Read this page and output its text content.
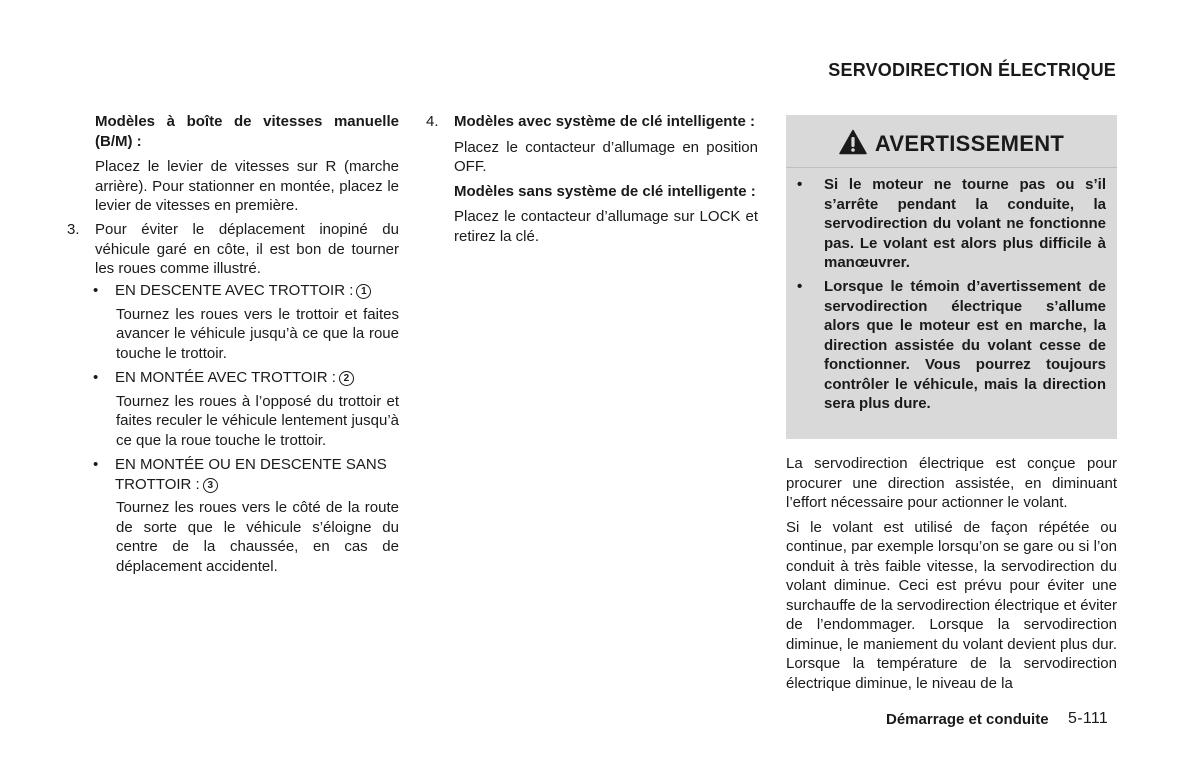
SERVODIRECTION ÉLECTRIQUE

Modèles à boîte de vitesses manuelle (B/M) :

Placez le levier de vitesses sur R (marche arrière). Pour stationner en montée, placez le levier de vitesses en première.

3. Pour éviter le déplacement inopiné du véhicule garé en côte, il est bon de tourner les roues comme illustré.

• EN DESCENTE AVEC TROTTOIR : 1

Tournez les roues vers le trottoir et faites avancer le véhicule jusqu’à ce que la roue touche le trottoir.

• EN MONTÉE AVEC TROTTOIR : 2

Tournez les roues à l’opposé du trottoir et faites reculer le véhicule lentement jusqu’à ce que la roue touche le trottoir.

• EN MONTÉE OU EN DESCENTE SANS
TROTTOIR : 3

Tournez les roues vers le côté de la route de sorte que le véhicule s’éloigne du centre de la chaussée, en cas de déplacement accidentel.

4. Modèles avec système de clé intelligente :

Placez le contacteur d’allumage en position OFF.

Modèles sans système de clé intelligente :

Placez le contacteur d’allumage sur LOCK et retirez la clé.

AVERTISSEMENT
• Si le moteur ne tourne pas ou s’il s’arrête pendant la conduite, la servodirection du volant ne fonctionne pas. Le volant est alors plus difficile à manœuvrer.
• Lorsque le témoin d’avertissement de servodirection électrique s’allume alors que le moteur est en marche, la direction assistée du volant cesse de fonctionner. Vous pourrez toujours contrôler le véhicule, mais la direction sera plus dure.

La servodirection électrique est conçue pour procurer une direction assistée, en diminuant l’effort nécessaire pour actionner le volant.

Si le volant est utilisé de façon répétée ou continue, par exemple lorsqu’on se gare ou si l’on conduit à très faible vitesse, la servodirection du volant diminue. Ceci est prévu pour éviter une surchauffe de la servodirection électrique et éviter de l’endommager. Lorsque la servodirection diminue, le maniement du volant devient plus dur. Lorsque la température de la servodirection électrique diminue, le niveau de la

Démarrage et conduite 5-111
